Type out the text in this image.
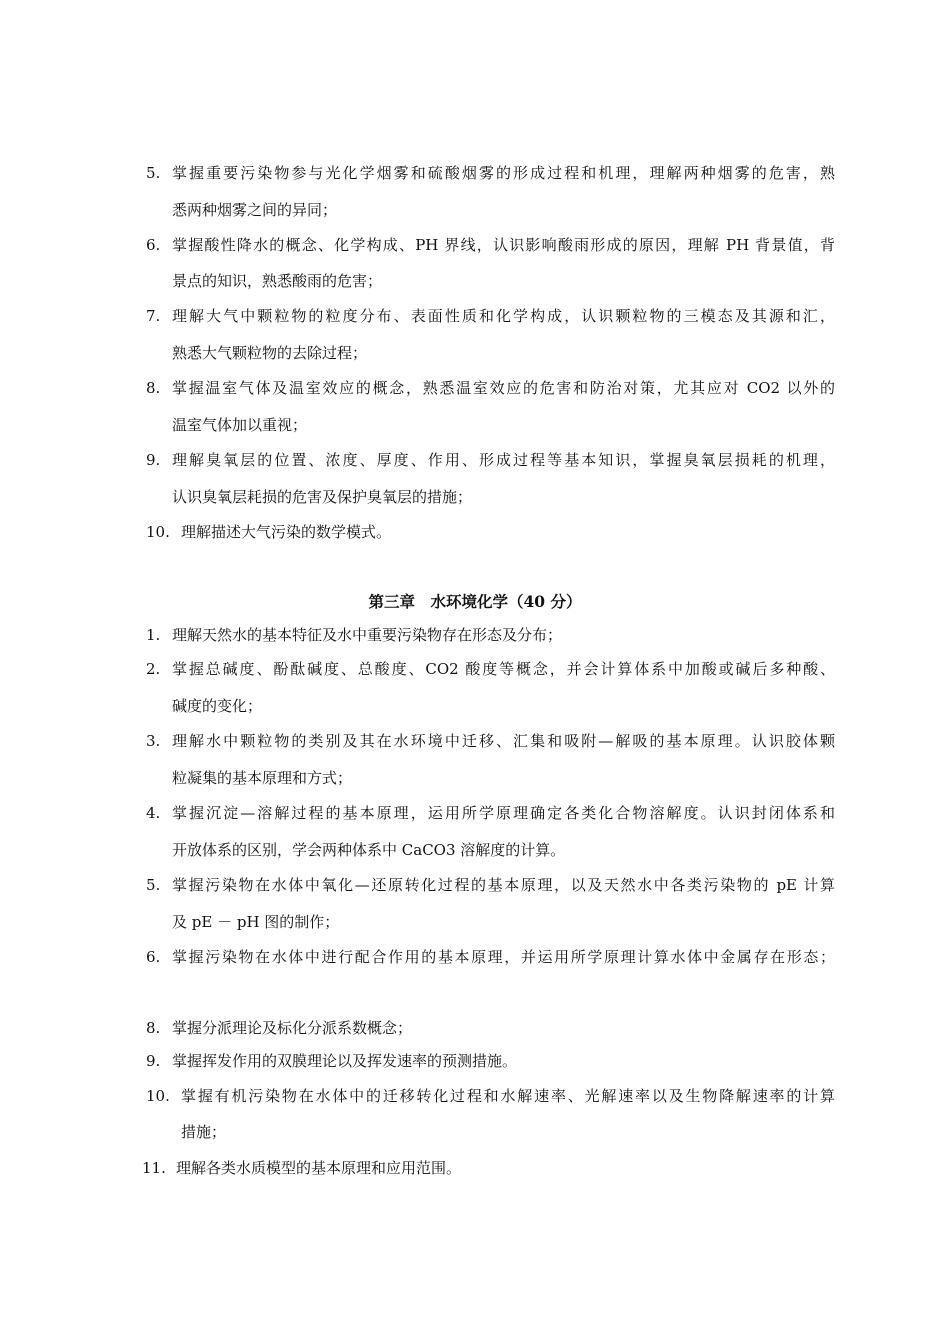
5. 掌握重要污染物参与光化学烟雾和硫酸烟雾的形成过程和机理，理解两种烟雾的危害，熟
悉两种烟雾之间的异同；
6. 掌握酸性降水的概念、化学构成、PH 界线，认识影响酸雨形成的原因，理解 PH 背景值，背
景点的知识，熟悉酸雨的危害；
7. 理解大气中颗粒物的粒度分布、表面性质和化学构成，认识颗粒物的三模态及其源和汇，
熟悉大气颗粒物的去除过程；
8. 掌握温室气体及温室效应的概念，熟悉温室效应的危害和防治对策，尤其应对 CO2 以外的
温室气体加以重视；
9. 理解臭氧层的位置、浓度、厚度、作用、形成过程等基本知识，掌握臭氧层损耗的机理，
认识臭氧层耗损的危害及保护臭氧层的措施；
10. 理解描述大气污染的数学模式。
第三章　水环境化学（40 分）
1. 理解天然水的基本特征及水中重要污染物存在形态及分布；
2. 掌握总碱度、酚酞碱度、总酸度、CO2 酸度等概念，并会计算体系中加酸或碱后多种酸、
碱度的变化；
3. 理解水中颗粒物的类别及其在水环境中迁移、汇集和吸附—解吸的基本原理。认识胶体颗
粒凝集的基本原理和方式；
4. 掌握沉淀—溶解过程的基本原理，运用所学原理确定各类化合物溶解度。认识封闭体系和
开放体系的区别，学会两种体系中 CaCO3 溶解度的计算。
5. 掌握污染物在水体中氧化—还原转化过程的基本原理，以及天然水中各类污染物的 pE 计算
及 pE － pH 图的制作；
6. 掌握污染物在水体中进行配合作用的基本原理，并运用所学原理计算水体中金属存在形态；
8. 掌握分派理论及标化分派系数概念；
9. 掌握挥发作用的双膜理论以及挥发速率的预测措施。
10. 掌握有机污染物在水体中的迁移转化过程和水解速率、光解速率以及生物降解速率的计算
措施；
11. 理解各类水质模型的基本原理和应用范围。
